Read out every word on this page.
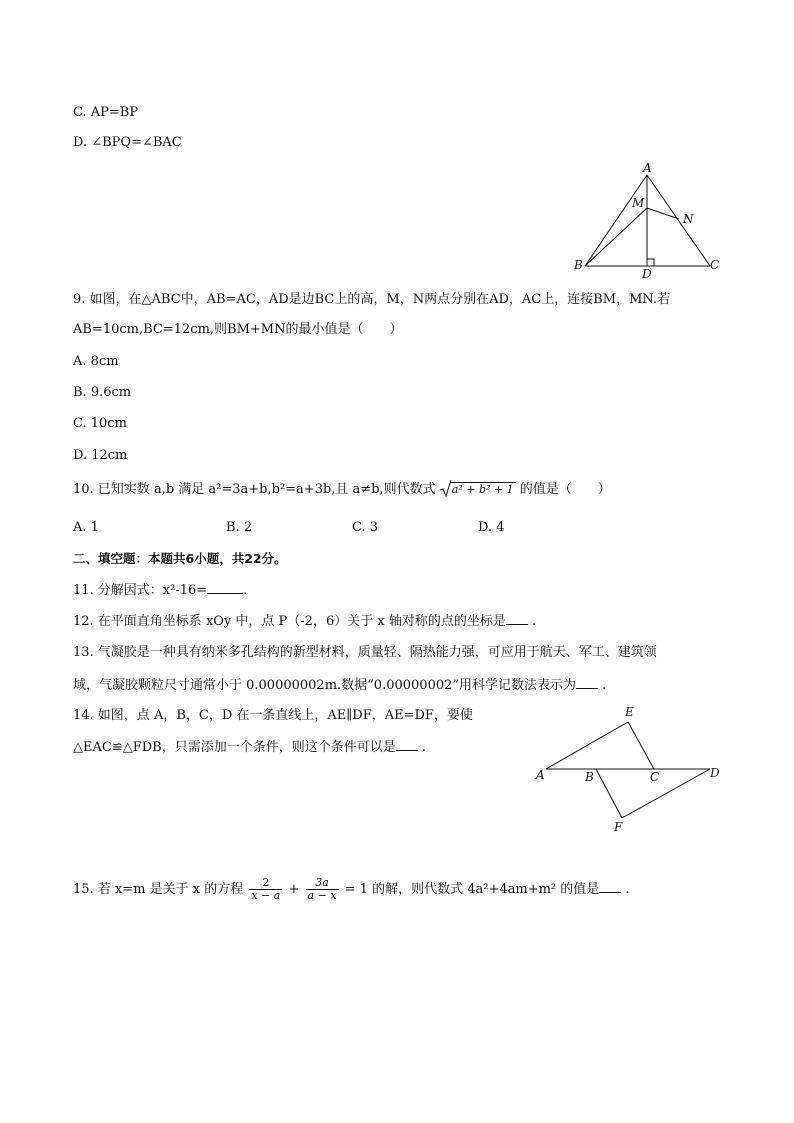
C. AP=BP
D. ∠BPQ=∠BAC
A
M
N
B
D
C
9. 如图，在△ABC中，AB=AC，AD是边BC上的高，M，N两点分别在AD，AC上，连接BM，MN.若
AB=10cm,BC=12cm,则BM+MN的最小值是（　　）
A. 8cm
B. 9.6cm
C. 10cm
D. 12cm
10. 已知实数 a,b 满足 a²=3a+b,b²=a+3b,且 a≠b,则代数式 a² + b² + 1 的值是（　　）
A. 1	B. 2	C. 3	D. 4
二、填空题：本题共6小题，共22分。
11. 分解因式：x²-16=	.
12. 在平面直角坐标系 xOy 中，点 P（-2，6）关于 x 轴对称的点的坐标是 .
13. 气凝胶是一种具有纳米多孔结构的新型材料，质量轻、隔热能力强，可应用于航天、军工、建筑领
域，气凝胶颗粒尺寸通常小于 0.00000002m.数据“0.00000002”用科学记数法表示为 .
14. 如图，点 A，B，C，D 在一条直线上，AE∥DF，AE=DF，要使
△EAC≌△FDB，只需添加一个条件，则这个条件可以是 .
E
A	B	C	D
F
15. 若 x=m 是关于 x 的方程 $\frac{2}{x - a} + \frac{3a}{a - x} = 1$ 的解，则代数式 4a²+4am+m² 的值是 .
